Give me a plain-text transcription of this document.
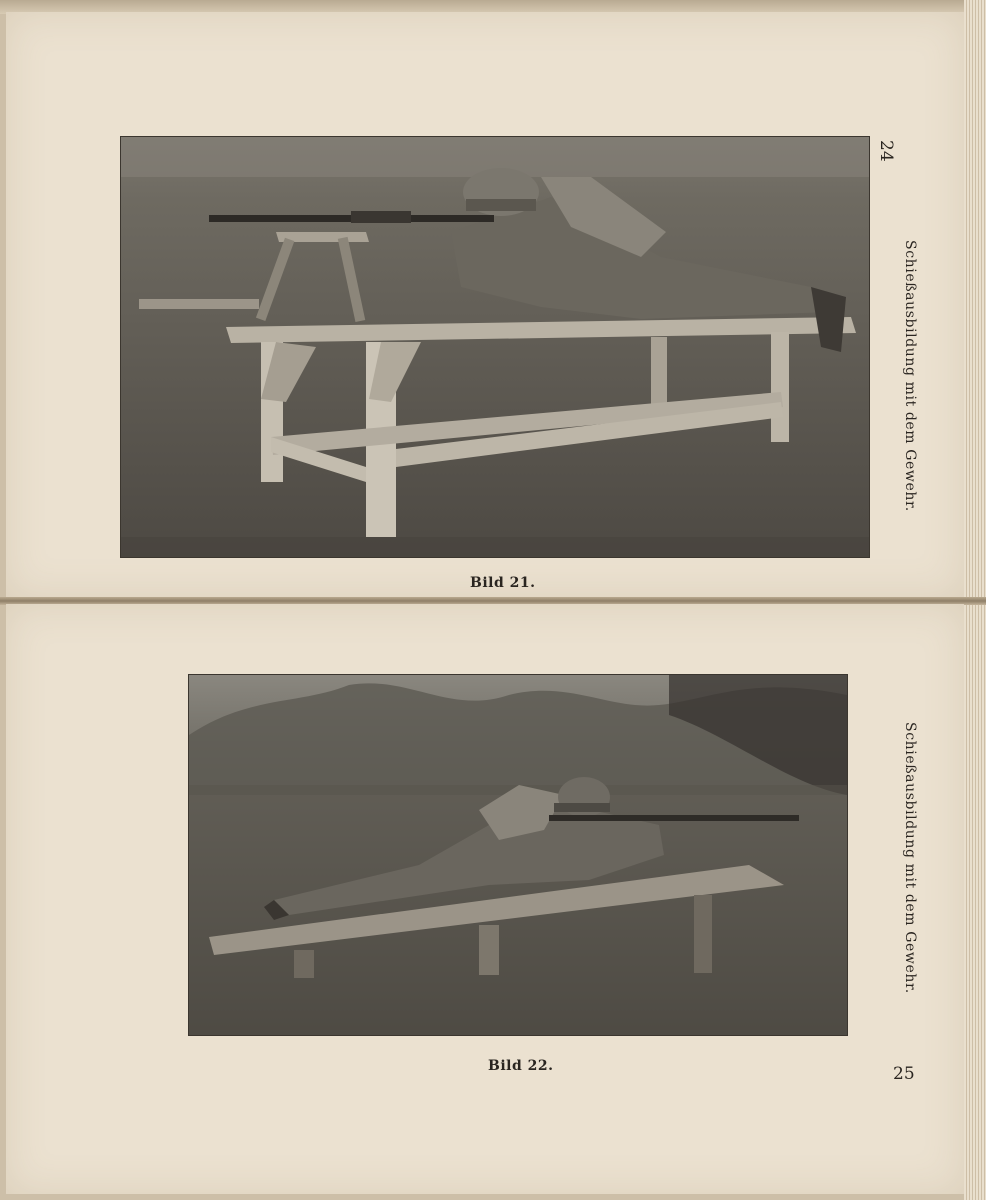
Bild 21.
24
Schießausbildung mit dem Gewehr.
Bild 22.	25
Schießausbildung mit dem Gewehr.
